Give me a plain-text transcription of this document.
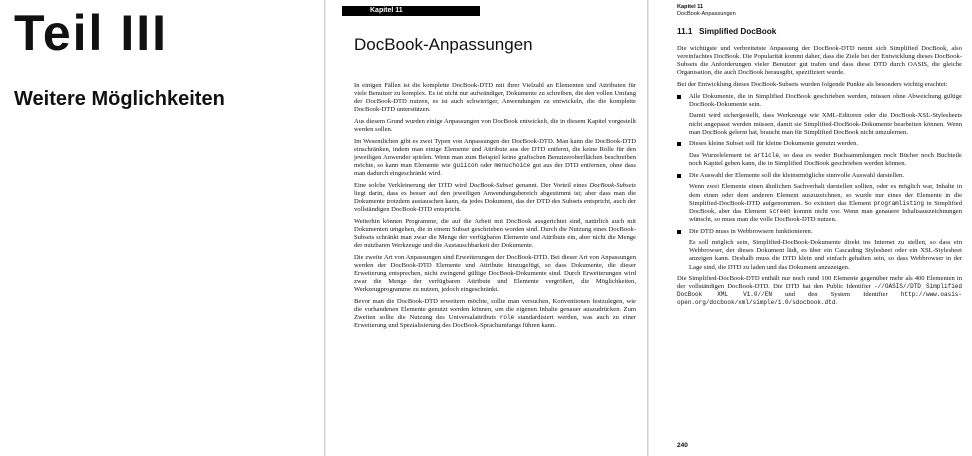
Teil III
Weitere Möglichkeiten
Kapitel 11
DocBook-Anpassungen

In einigen Fällen ist die komplette DocBook-DTD mit ihrer Vielzahl an Elementen und Attributen für viele Benutzer zu komplex. Es ist nicht nur aufwändiger, Dokumente zu schreiben, die den vollen Umfang der DocBook-DTD nutzen, es ist auch schwieriger, Anwendungen zu entwickeln, die die komplette DocBook-DTD unterstützen.

Aus diesem Grund wurden einige Anpassungen von DocBook entwickelt, die in diesem Kapitel vorgestellt werden sollen.

Im Wesentlichen gibt es zwei Typen von Anpassungen der DocBook-DTD. Man kann die DocBook-DTD einschränken, indem man einige Elemente und Attribute aus der DTD entfernt, die keine Rolle für den jeweiligen Anwender spielen. Wenn man zum Beispiel keine grafischen Benutzeroberflächen beschreiben möchte, so kann man Elemente wie guiicon oder menuchoice gut aus der DTD entfernen, ohne dass man dadurch eingeschränkt wird.

Eine solche Verkleinerung der DTD wird DocBook-Subset genannt. Der Vorteil eines DocBook-Subsets liegt darin, dass es besser auf den jeweiligen Anwendungsbereich abgestimmt ist; aber dass man die Dokumente trotzdem austauschen kann, da jedes Dokument, das der DTD des Subsets entspricht, auch der vollständigen DocBook-DTD entspricht.

Weiterhin können Programme, die auf die Arbeit mit DocBook ausgerichtet sind, natürlich auch mit Dokumenten umgehen, die in einem Subset geschrieben worden sind. Durch die Nutzung eines DocBook-Subsets schränkt man zwar die Menge der verfügbaren Elemente und Attribute ein, aber nicht die Menge der nutzbaren Werkzeuge und die Austauschbarkeit der Dokumente.

Die zweite Art von Anpassungen sind Erweiterungen der DocBook-DTD. Bei dieser Art von Anpassungen werden der DocBook-DTD Elemente und Attribute hinzugefügt, so dass Dokumente, die dieser Erweiterung entsprechen, nicht zwingend gültige DocBook-Dokumente sind. Durch Erweiterungen wird zwar die Menge der verfügbaren Attribute und Elemente vergrößert, die Möglichkeiten, Werkzeugprogramme zu nutzen, jedoch eingeschränkt.

Bevor man die DocBook-DTD erweitern möchte, sollte man versuchen, Konventionen festzulegen, wie die vorhandenen Elemente genutzt werden können, um die eigenen Inhalte genauer auszudrücken. Zum Zweiten sollte die Nutzung des Universalattributs role standardisiert werden, was auch zu einer Erweiterung und Spezialisierung des DocBook-Sprachumfangs führen kann.

Kapitel 11
DocBook-Anpassungen
11.1 Simplified DocBook

Die wichtigste und verbreitetste Anpassung der DocBook-DTD nennt sich Simplified DocBook, also vereinfachtes DocBook. Die Popularität kommt daher, dass die Ziele bei der Entwicklung dieses DocBook-Subsets die Anforderungen vieler Benutzer gut trafen und dass diese DTD durch OASIS, die gleiche Organisation, die auch DocBook herausgibt, spezifiziert wurde.

Bei der Entwicklung dieses DocBook-Subsets wurden folgende Punkte als besonders wichtig erachtet:

Alle Dokumente, die in Simplified DocBook geschrieben werden, müssen ohne Abweichung gültige DocBook-Dokumente sein.

Damit wird sichergestellt, dass Werkzeuge wie XML-Editoren oder die DocBook-XSL-Stylesheets nicht angepasst werden müssen, damit sie Simplified-DocBook-Dokumente bearbeiten können. Wenn man DocBook gelernt hat, braucht man für Simplified DocBook nicht umzulernen.

Dieses kleine Subset soll für kleine Dokumente genutzt werden.

Das Wurzelelement ist article, so dass es weder Buchsammlungen noch Bücher noch Buchteile noch Kapitel geben kann, die in Simplified DocBook geschrieben werden können.

Die Auswahl der Elemente soll die kleinstmögliche sinnvolle Auswahl darstellen.

Wenn zwei Elemente einen ähnlichen Sachverhalt darstellen sollten, oder es möglich war, Inhalte in dem einen oder dem anderen Element auszuzeichnen, so wurde nur eines der Elemente in die Simplified-DocBook-DTD aufgenommen. So existiert das Element programlisting in Simplified DocBook, aber das Element screen kommt nicht vor. Wenn man genauere Inhaltsauszeichnungen wünscht, so muss man die volle DocBook-DTD nutzen.

Die DTD muss in Webbrowsern funktionieren.

Es soll möglich sein, Simplified-DocBook-Dokumente direkt ins Internet zu stellen, so dass ein Webbrowser, der dieses Dokument lädt, es über ein Cascading Stylesheet oder ein XSL-Stylesheet anzeigen kann. Deshalb muss die DTD klein und einfach gehalten sein, so dass Webbrowser in der Lage sind, die DTD zu laden und das Dokument anzuzeigen.

Die Simplified-DocBook-DTD enthält nur noch rund 100 Elemente gegenüber mehr als 400 Elementen in der vollständigen DocBook-DTD. Die DTD hat den Public Identifier -//OASIS//DTD Simplified DocBook XML V1.0//EN und den System Identifier http://www.oasis-open.org/docbook/xml/simple/1.0/sdocbook.dtd.

240
